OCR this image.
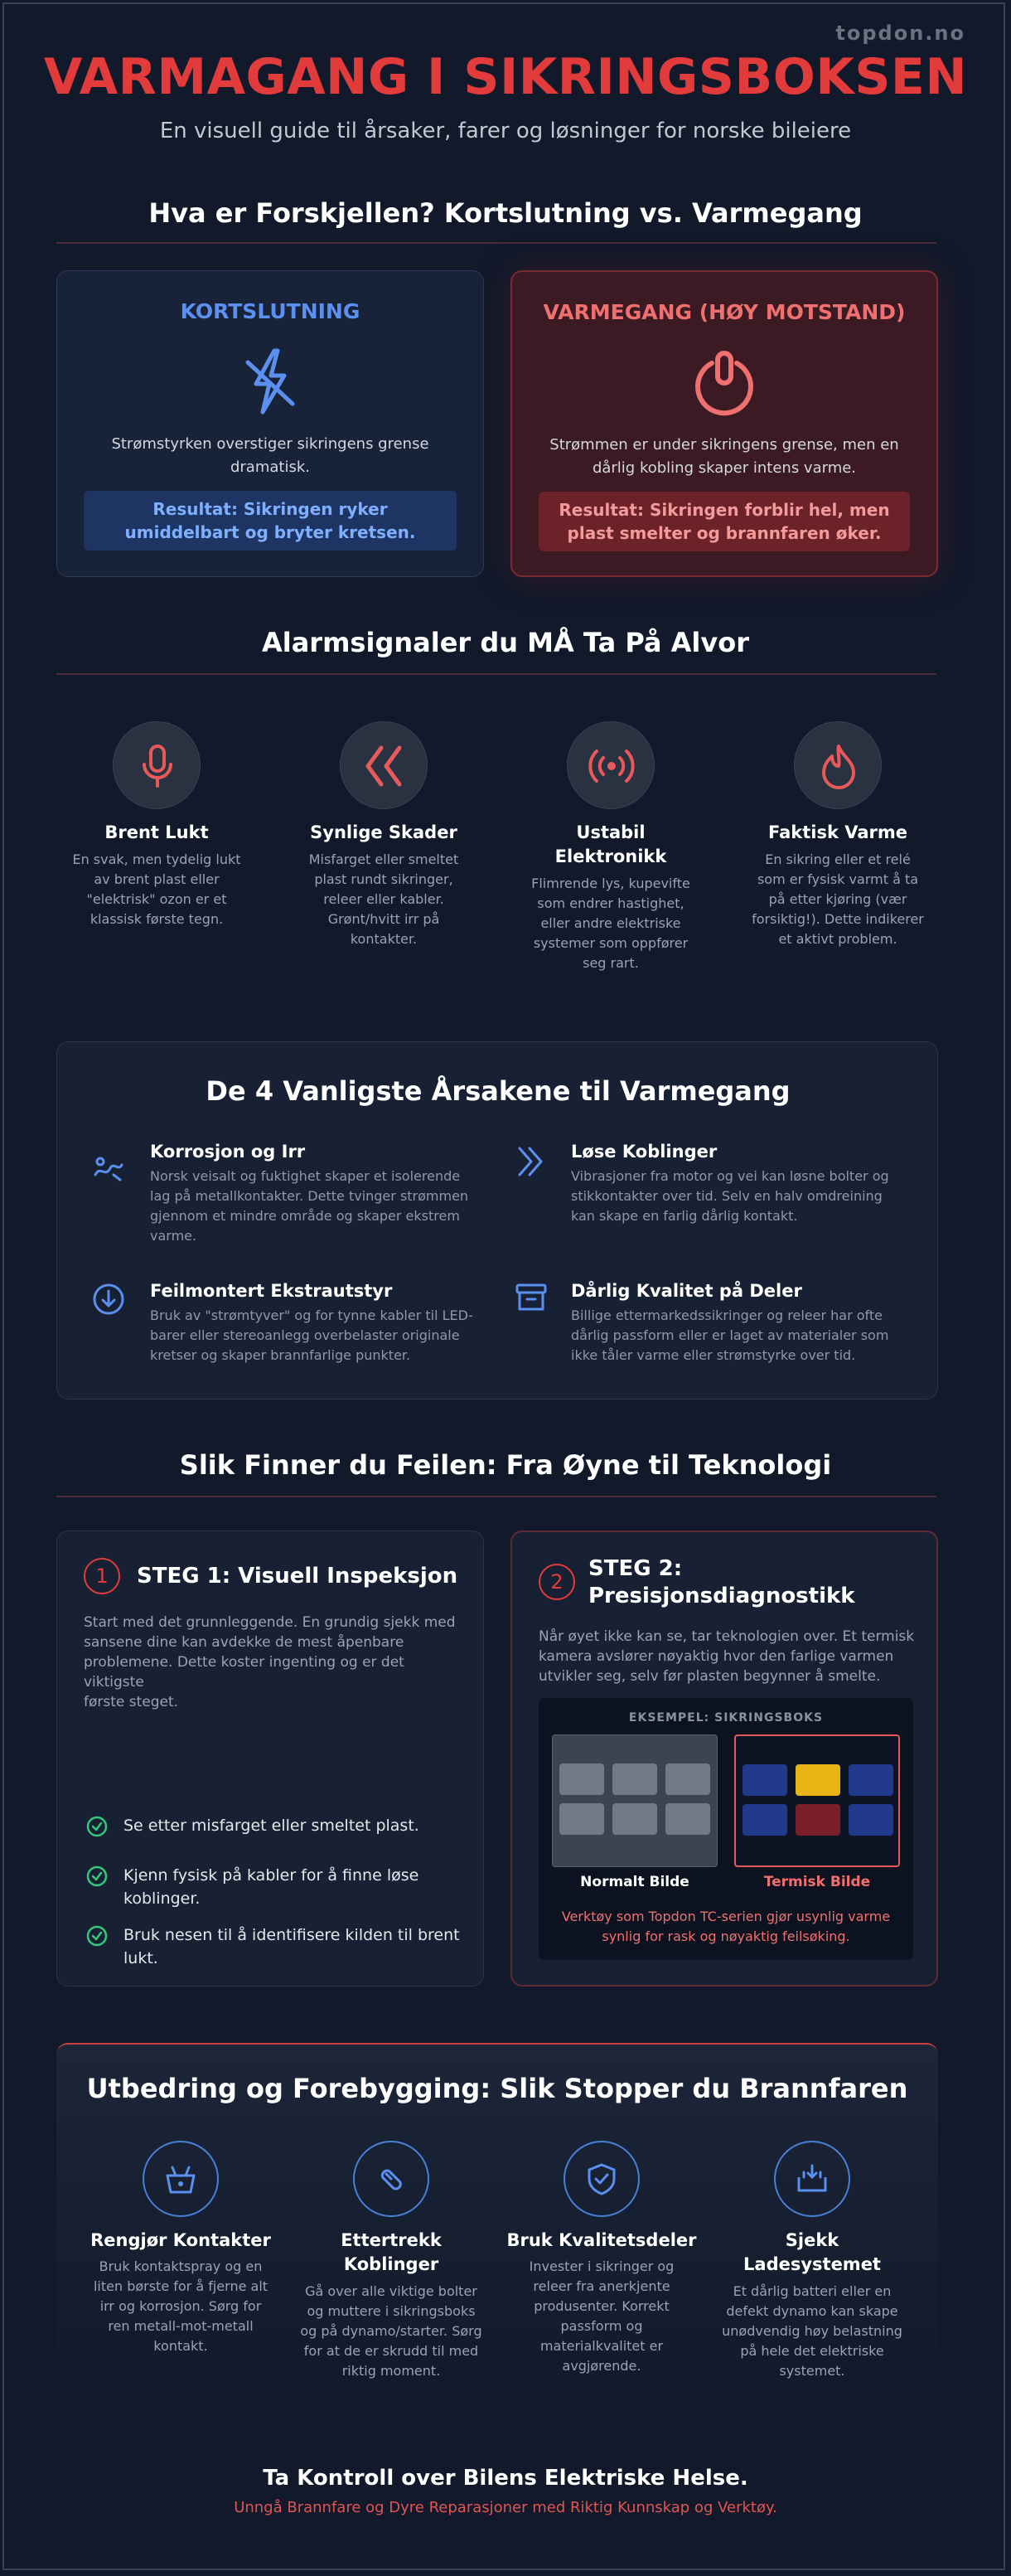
topdon.no
VARMAGANG I SIKRINGSBOKSEN
En visuell guide til årsaker, farer og løsninger for norske bileiere
Hva er Forskjellen? Kortslutning vs. Varmegang
KORTSLUTNING
Strømstyrken overstiger sikringens grense
dramatisk.
Resultat: Sikringen ryker
umiddelbart og bryter kretsen.
VARMEGANG (HØY MOTSTAND)
Strømmen er under sikringens grense, men en
dårlig kobling skaper intens varme.
Resultat: Sikringen forblir hel, men
plast smelter og brannfaren øker.
Alarmsignaler du MÅ Ta På Alvor
Brent Lukt
En svak, men tydelig lukt
av brent plast eller
"elektrisk" ozon er et
klassisk første tegn.
Synlige Skader
Misfarget eller smeltet
plast rundt sikringer,
releer eller kabler.
Grønt/hvitt irr på
kontakter.
Ustabil
Elektronikk
Flimrende lys, kupevifte
som endrer hastighet,
eller andre elektriske
systemer som oppfører
seg rart.
Faktisk Varme
En sikring eller et relé
som er fysisk varmt å ta
på etter kjøring (vær
forsiktig!). Dette indikerer
et aktivt problem.
De 4 Vanligste Årsakene til Varmegang
Korrosjon og Irr
Norsk veisalt og fuktighet skaper et isolerende
lag på metallkontakter. Dette tvinger strømmen
gjennom et mindre område og skaper ekstrem
varme.
Løse Koblinger
Vibrasjoner fra motor og vei kan løsne bolter og
stikkontakter over tid. Selv en halv omdreining
kan skape en farlig dårlig kontakt.
Feilmontert Ekstrautstyr
Bruk av "strømtyver" og for tynne kabler til LED-
barer eller stereoanlegg overbelaster originale
kretser og skaper brannfarlige punkter.
Dårlig Kvalitet på Deler
Billige ettermarkedssikringer og releer har ofte
dårlig passform eller er laget av materialer som
ikke tåler varme eller strømstyrke over tid.
Slik Finner du Feilen: Fra Øyne til Teknologi
1	STEG 1: Visuell Inspeksjon
Start med det grunnleggende. En grundig sjekk med
sansene dine kan avdekke de mest åpenbare
problemene. Dette koster ingenting og er det viktigste
første steget.
Se etter misfarget eller smeltet plast.
Kjenn fysisk på kabler for å finne løse
koblinger.
Bruk nesen til å identifisere kilden til brent
lukt.
2
STEG 2:
Presisjonsdiagnostikk
Når øyet ikke kan se, tar teknologien over. Et termisk
kamera avslører nøyaktig hvor den farlige varmen
utvikler seg, selv før plasten begynner å smelte.
EKSEMPEL: SIKRINGSBOKS
Normalt Bilde	Termisk Bilde
Verktøy som Topdon TC-serien gjør usynlig varme
synlig for rask og nøyaktig feilsøking.
Utbedring og Forebygging: Slik Stopper du Brannfaren
Rengjør Kontakter
Bruk kontaktspray og en
liten børste for å fjerne alt
irr og korrosjon. Sørg for
ren metall-mot-metall
kontakt.
Ettertrekk
Koblinger
Gå over alle viktige bolter
og muttere i sikringsboks
og på dynamo/starter. Sørg
for at de er skrudd til med
riktig moment.
Bruk Kvalitetsdeler
Invester i sikringer og
releer fra anerkjente
produsenter. Korrekt
passform og
materialkvalitet er
avgjørende.
Sjekk
Ladesystemet
Et dårlig batteri eller en
defekt dynamo kan skape
unødvendig høy belastning
på hele det elektriske
systemet.
Ta Kontroll over Bilens Elektriske Helse.
Unngå Brannfare og Dyre Reparasjoner med Riktig Kunnskap og Verktøy.
